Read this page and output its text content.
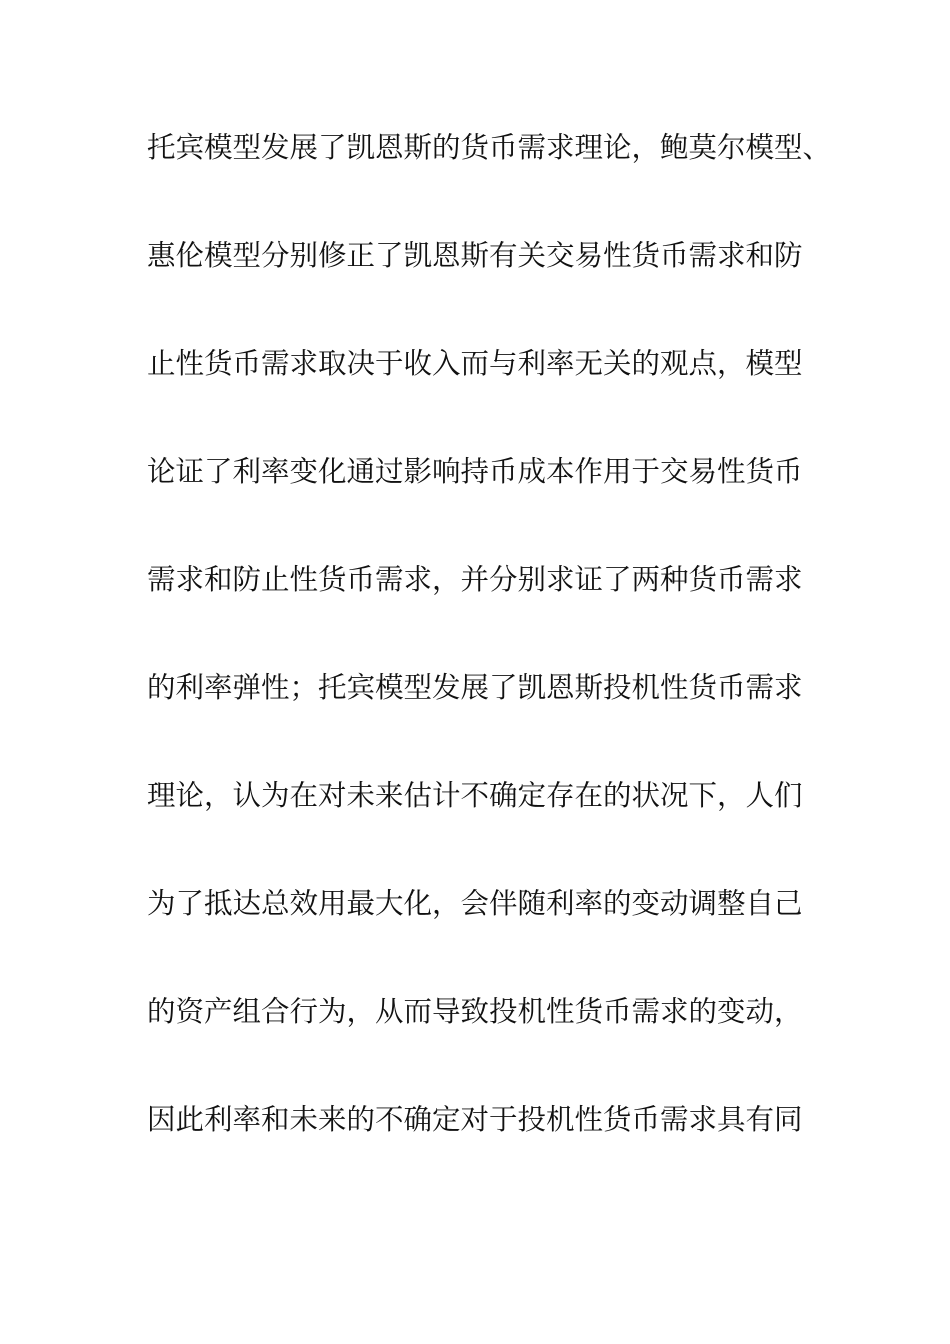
托宾模型发展了凯恩斯的货币需求理论，鲍莫尔模型、
惠伦模型分别修正了凯恩斯有关交易性货币需求和防
止性货币需求取决于收入而与利率无关的观点，模型
论证了利率变化通过影响持币成本作用于交易性货币
需求和防止性货币需求，并分别求证了两种货币需求
的利率弹性；托宾模型发展了凯恩斯投机性货币需求
理论，认为在对未来估计不确定存在的状况下，人们
为了抵达总效用最大化，会伴随利率的变动调整自己
的资产组合行为，从而导致投机性货币需求的变动，
因此利率和未来的不确定对于投机性货币需求具有同
